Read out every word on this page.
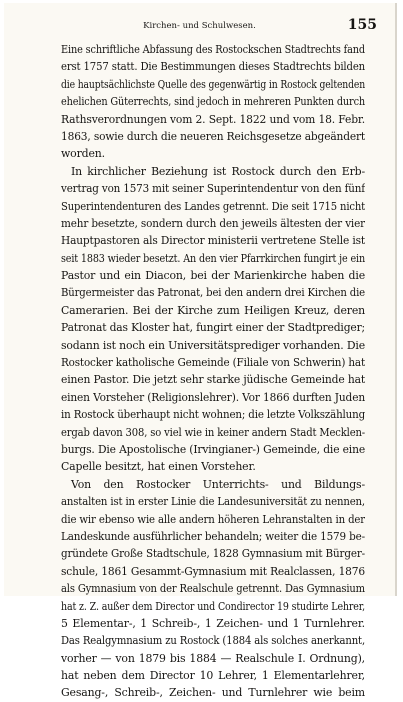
Kirchen- und Schulwesen.	155
Eine schriftliche Abfassung des Rostockschen Stadtrechts fand
erst 1757 statt. Die Bestimmungen dieses Stadtrechts bilden
die hauptsächlichste Quelle des gegenwärtig in Rostock geltenden
ehelichen Güterrechts, sind jedoch in mehreren Punkten durch
Rathsverordnungen vom 2. Sept. 1822 und vom 18. Febr.
1863, sowie durch die neueren Reichsgesetze abgeändert
worden.
In kirchlicher Beziehung ist Rostock durch den Erb-
vertrag von 1573 mit seiner Superintendentur von den fünf
Superintendenturen des Landes getrennt. Die seit 1715 nicht
mehr besetzte, sondern durch den jeweils ältesten der vier
Hauptpastoren als Director ministerii vertretene Stelle ist
seit 1883 wieder besetzt. An den vier Pfarrkirchen fungirt je ein
Pastor und ein Diacon, bei der Marienkirche haben die
Bürgermeister das Patronat, bei den andern drei Kirchen die
Camerarien. Bei der Kirche zum Heiligen Kreuz, deren
Patronat das Kloster hat, fungirt einer der Stadtprediger;
sodann ist noch ein Universitätsprediger vorhanden. Die
Rostocker katholische Gemeinde (Filiale von Schwerin) hat
einen Pastor. Die jetzt sehr starke jüdische Gemeinde hat
einen Vorsteher (Religionslehrer). Vor 1866 durften Juden
in Rostock überhaupt nicht wohnen; die letzte Volkszählung
ergab davon 308, so viel wie in keiner andern Stadt Mecklen-
burgs. Die Apostolische (Irvingianer-) Gemeinde, die eine
Capelle besitzt, hat einen Vorsteher.
Von den Rostocker Unterrichts- und Bildungs-
anstalten ist in erster Linie die Landesuniversität zu nennen,
die wir ebenso wie alle andern höheren Lehranstalten in der
Landeskunde ausführlicher behandeln; weiter die 1579 be-
gründete Große Stadtschule, 1828 Gymnasium mit Bürger-
schule, 1861 Gesammt-Gymnasium mit Realclassen, 1876
als Gymnasium von der Realschule getrennt. Das Gymnasium
hat z. Z. außer dem Director und Condirector 19 studirte Lehrer,
5 Elementar-, 1 Schreib-, 1 Zeichen- und 1 Turnlehrer.
Das Realgymnasium zu Rostock (1884 als solches anerkannt,
vorher — von 1879 bis 1884 — Realschule I. Ordnung),
hat neben dem Director 10 Lehrer, 1 Elementarlehrer,
Gesang-, Schreib-, Zeichen- und Turnlehrer wie beim
